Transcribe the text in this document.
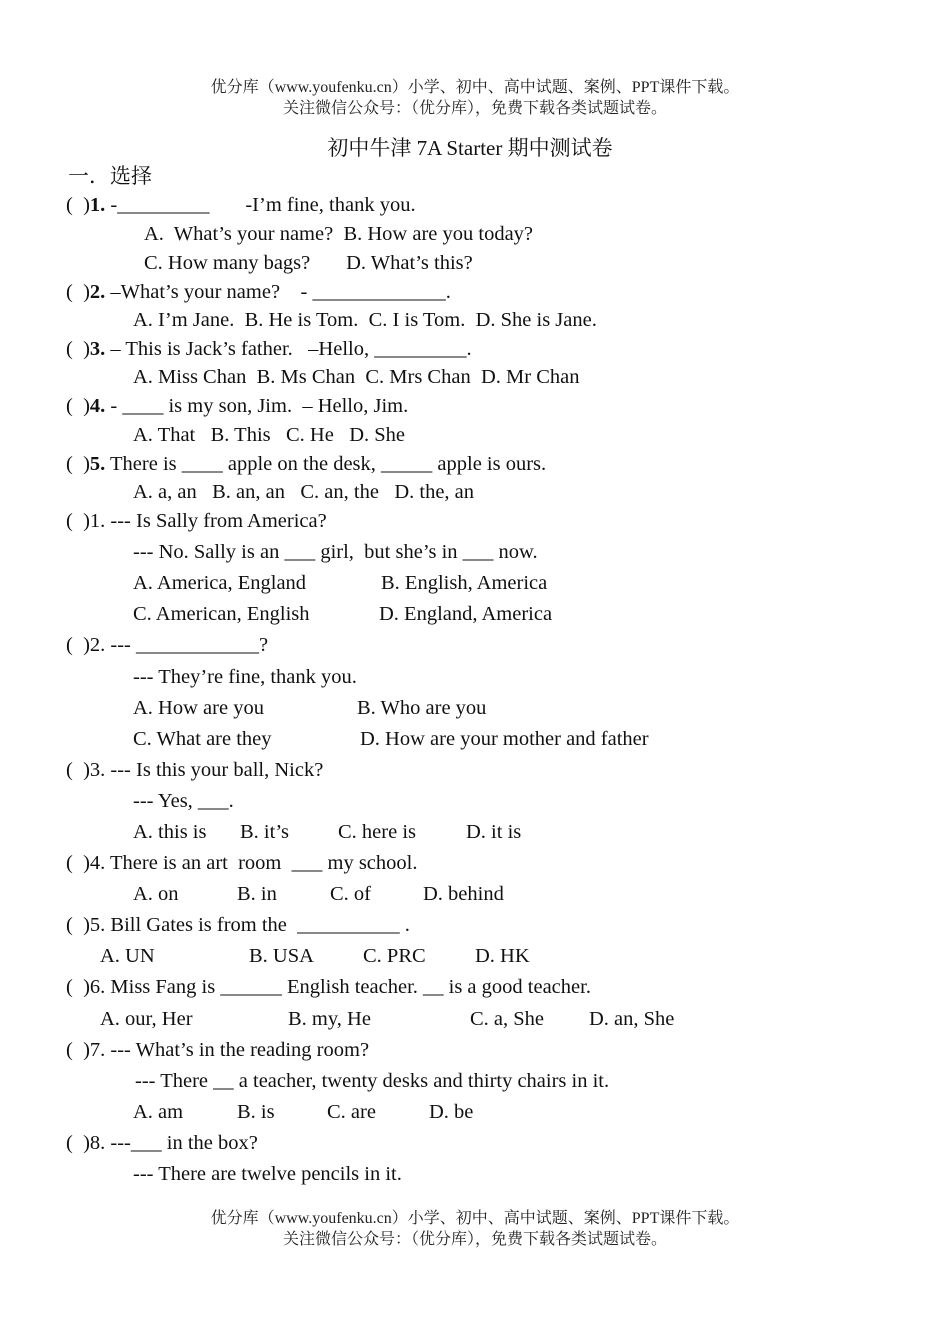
优分库（www.youfenku.cn）小学、初中、高中试题、案例、PPT课件下载。
关注微信公众号：（优分库），免费下载各类试题试卷。
初中牛津 7A Starter 期中测试卷
一．选择
(  )1. -_________       -I’m fine, thank you.
A.  What’s your name?  B. How are you today?
C. How many bags?       D. What’s this?
(  )2. –What’s your name?    - _____________.
A. I’m Jane.  B. He is Tom.  C. I is Tom.  D. She is Jane.
(  )3. – This is Jack’s father.   –Hello, _________.
A. Miss Chan  B. Ms Chan  C. Mrs Chan  D. Mr Chan
(  )4. - ____ is my son, Jim.  – Hello, Jim.
A. That   B. This   C. He   D. She
(  )5. There is ____ apple on the desk, _____ apple is ours.
A. a, an   B. an, an   C. an, the   D. the, an
(  )1. --- Is Sally from America?
--- No. Sally is an ___ girl,  but she’s in ___ now.
A. America, England	B. English, America
C. American, English	D. England, America
(  )2. --- ____________?
--- They’re fine, thank you.
A. How are you	B. Who are you
C. What are they	D. How are your mother and father
(  )3. --- Is this your ball, Nick?
--- Yes, ___.
A. this is B. it’s C. here is D. it is
(  )4. There is an art  room  ___ my school.
A. on	B. in	C. of	D. behind
(  )5. Bill Gates is from the  __________ .
A. UN	B. USA C. PRC D. HK
(  )6. Miss Fang is ______ English teacher. __ is a good teacher.
A. our, Her	B. my, He	C. a, She D. an, She
(  )7. --- What’s in the reading room?
--- There __ a teacher, twenty desks and thirty chairs in it.
A. am	B. is	C. are	D. be
(  )8. ---___ in the box?
--- There are twelve pencils in it.
优分库（www.youfenku.cn）小学、初中、高中试题、案例、PPT课件下载。
关注微信公众号：（优分库），免费下载各类试题试卷。
